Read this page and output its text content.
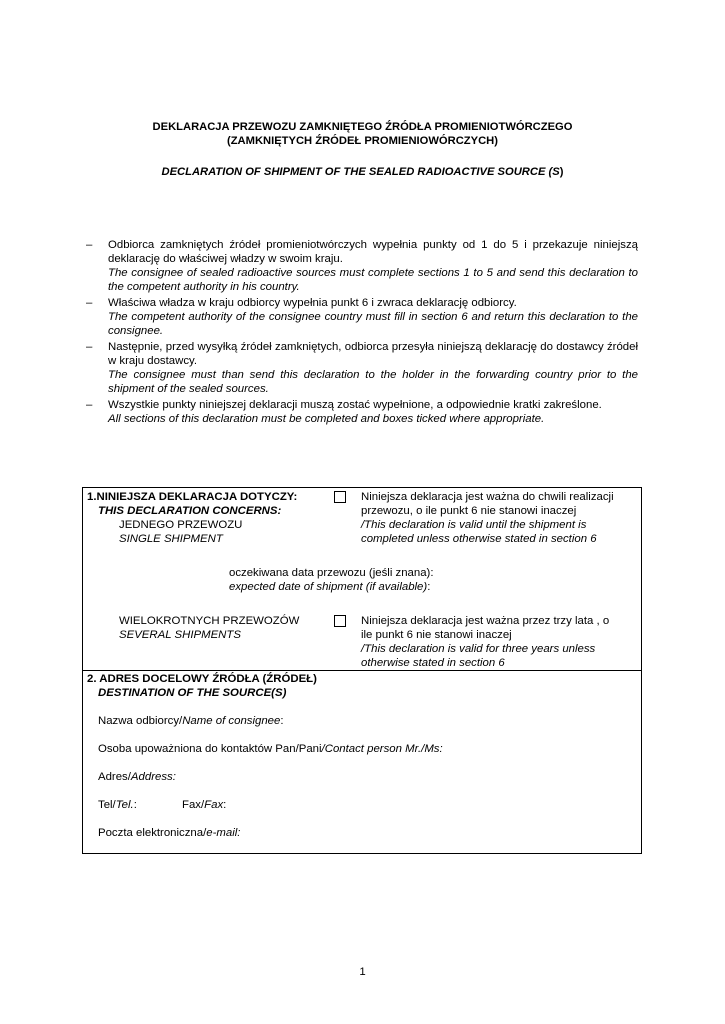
DEKLARACJA PRZEWOZU ZAMKNIĘTEGO ŹRÓDŁA PROMIENIOTWÓRCZEGO
(ZAMKNIĘTYCH ŹRÓDEŁ PROMIENIOWÓRCZYCH)
DECLARATION OF SHIPMENT OF THE SEALED RADIOACTIVE SOURCE (S)
– Odbiorca zamkniętych źródeł promieniotwórczych wypełnia punkty od 1 do 5 i przekazuje niniejszą deklarację do właściwej władzy w swoim kraju.
The consignee of sealed radioactive sources must complete sections 1 to 5 and send this declaration to the competent authority in his country.
– Właściwa władza w kraju odbiorcy wypełnia punkt 6 i zwraca deklarację odbiorcy.
The competent authority of the consignee country must fill in section 6 and return this declaration to the consignee.
– Następnie, przed wysyłką źródeł zamkniętych, odbiorca przesyła niniejszą deklarację do dostawcy źródeł w kraju dostawcy.
The consignee must than send this declaration to the holder in the forwarding country prior to the shipment of the sealed sources.
– Wszystkie punkty niniejszej deklaracji muszą zostać wypełnione, a odpowiednie kratki zakreślone.
All sections of this declaration must be completed and boxes ticked where appropriate.
1.NINIEJSZA DEKLARACJA DOTYCZY:
THIS DECLARATION CONCERNS:
JEDNEGO PRZEWOZU
SINGLE SHIPMENT
Niniejsza deklaracja jest ważna do chwili realizacji
przewozu, o ile punkt 6 nie stanowi inaczej
/This declaration is valid until the shipment is
completed unless otherwise stated in section 6
oczekiwana data przewozu (jeśli znana):
expected date of shipment (if available):
WIELOKROTNYCH PRZEWOZÓW
SEVERAL SHIPMENTS
Niniejsza deklaracja jest ważna przez trzy lata , o
ile punkt 6 nie stanowi inaczej
/This declaration is valid for three years unless
otherwise stated in section 6
2. ADRES DOCELOWY ŹRÓDŁA (ŹRÓDEŁ)
DESTINATION OF THE SOURCE(S)
Nazwa odbiorcy/Name of consignee:
Osoba upoważniona do kontaktów Pan/Pani/Contact person Mr./Ms:
Adres/Address:
Tel/Tel.:	Fax/Fax:
Poczta elektroniczna/e-mail:
1
